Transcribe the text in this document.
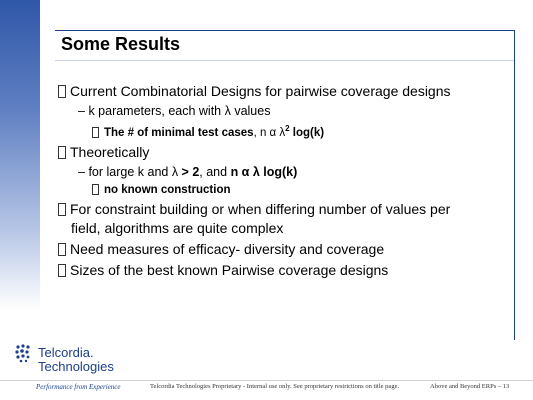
Some Results
Current Combinatorial Designs for pairwise coverage designs
– k parameters, each with λ values
The # of minimal test cases, n α $\lambda^2$ log(k)
Theoretically
– for large k and λ > 2, and n α λ log(k)
no known construction
For constraint building or when differing number of values per
field, algorithms are quite complex
Need measures of efficacy- diversity and coverage
Sizes of the best known Pairwise coverage designs
Telcordia.
Technologies
Performance from Experience	Telcordia Technologies Proprietary - Internal use only. See proprietary restrictions on title page.	Above and Beyond ERPs – 13
